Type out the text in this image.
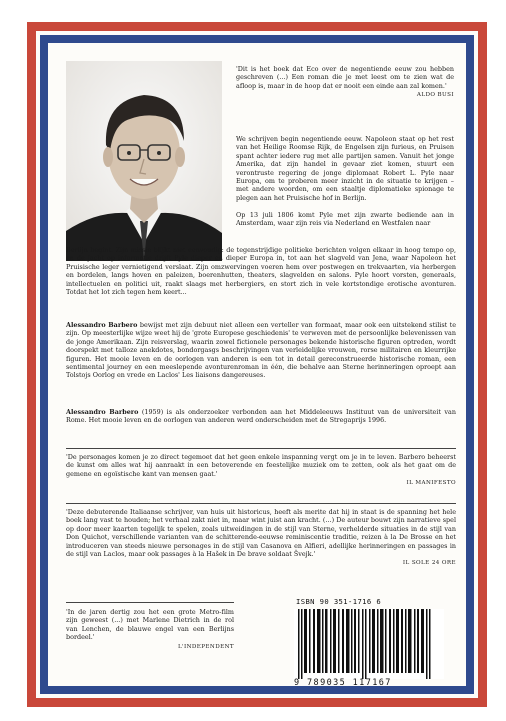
'Dit is het boek dat Eco over de negentiende eeuw zou hebben geschreven (...) Een roman die je met leest om te zien wat de afloop is, maar in de hoop dat er nooit een einde aan zal komen.'

ALDO BUSI

We schrijven begin negentiende eeuw. Napoleon staat op het rest van het Heilige Roomse Rijk, de Engelsen zijn furieus, en Pruisen spant achter iedere rug met alle partijen samen. Vanuit het jonge Amerika, dat zijn handel in gevaar ziet komen, stuurt een verontruste regering de jonge diplomaat Robert L. Pyle naar Europa, om te proberen meer inzicht in de situatie te krijgen – met andere woorden, om een staaltje diplomatieke spionage te plegen aan het Pruisische hof in Berlijn.

Op 13 juli 1806 komt Pyle met zijn zwarte bediende aan in Amsterdam, waar zijn reis via Nederland en Westfalen naar

Berlijn begint. Zijn missie blijkt niet eenvoudig: de tegenstrijdige politieke berichten volgen elkaar in hoog tempo op, en de jacht op informatie drijft Pyle dieper en dieper Europa in, tot aan het slagveld van Jena, waar Napoleon het Pruisische leger vernietigend verslaat. Zijn omzwervingen voeren hem over postwegen en trekvaarten, via herbergen en bordelen, langs hoven en paleizen, boerenhutten, theaters, slagvelden en salons. Pyle hoort vorsten, generaals, intellectuelen en politici uit, raakt slaags met herbergiers, en stort zich in vele kortstondige erotische avonturen. Totdat het lot zich tegen hem keert...

Alessandro Barbero bewijst met zijn debuut niet alleen een verteller van formaat, maar ook een uitstekend stilist te zijn. Op meesterlijke wijze weet hij de 'grote Europese geschiedenis' te verweven met de persoonlijke belevenissen van de jonge Amerikaan. Zijn reisverslag, waarin zowel fictionele personages bekende historische figuren optreden, wordt doorspekt met talloze anekdotes, bondorgasgs beschrijvingen van verleidelijke vrouwen, rorse militairen en kleurrijke figuren. Het mooie leven en de oorlogen van anderen is een tot in detail gereconstrueerde historische roman, een sentimental journey en een meeslepende avonturenroman in één, die behalve aan Sterne herinneringen oproept aan Tolstojs Oorlog en vrede en Laclos' Les liaisons dangereuses.

Alessandro Barbero (1959) is als onderzoeker verbonden aan het Middeleeuws Instituut van de universiteit van Rome. Het mooie leven en de oorlogen van anderen werd onderscheiden met de Stregaprijs 1996.

'De personages komen je zo direct tegemoet dat het geen enkele inspanning vergt om je in te leven. Barbero beheerst de kunst om alles wat hij aanraakt in een betoverende en feestelijke muziek om te zetten, ook als het gaat om de gemene en egoïstische kant van mensen gaat.'

IL MANIFESTO

'Deze debuterende Italiaanse schrijver, van huis uit historicus, heeft als merite dat hij in staat is de spanning het hele boek lang vast te houden; het verhaal zakt niet in, maar wint juist aan kracht. (...) De auteur bouwt zijn narratieve spel op door meer kaarten tegelijk te spelen, zoals uitweidingen in de stijl van Sterne, verhelderde situaties in de stijl van Don Quichot, verschillende varianten van de schitterende-eeuwse reminiscentie traditie, reizen à la De Brosse en het introduceren van steeds nieuwe personages in de stijl van Casanova en Alfieri, adellijke herinneringen en passages in de stijl van Laclos, maar ook passages à la Hašek in De brave soldaat Švejk.'

IL SOLE 24 ORE

'In de jaren dertig zou het een grote Metro-film zijn geweest (...) met Marlene Dietrich in de rol van Lenchen, de blauwe engel van een Berlijns bordeel.'

L'INDEPENDENT

ISBN 90 351-1716 6
9 789035 117167
